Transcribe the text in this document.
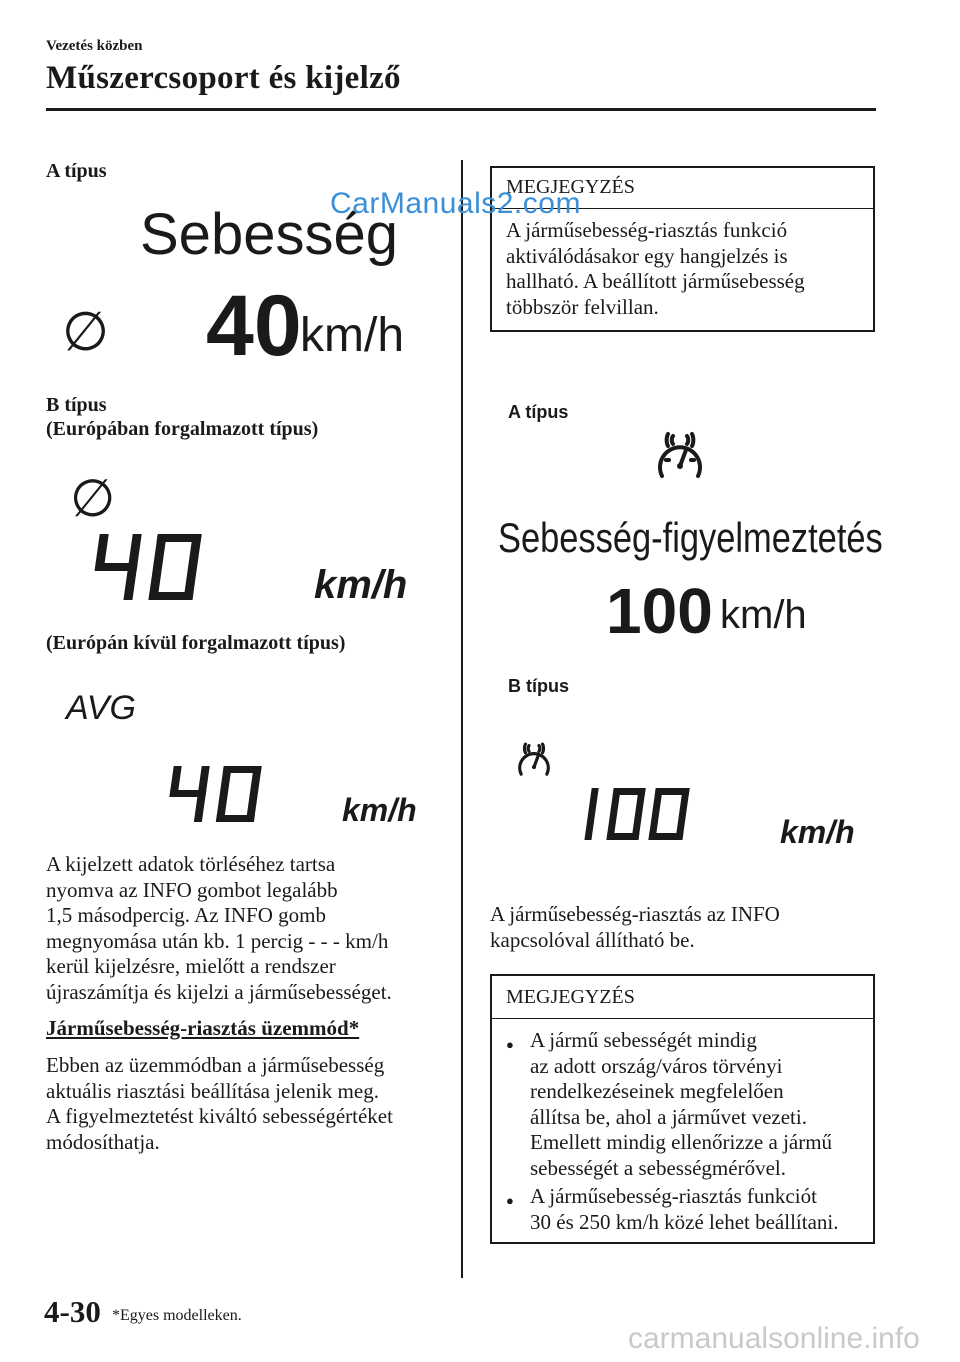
Vezetés közben
Műszercsoport és kijelző
A típus
Sebesség
∅ 40
km/h
B típus
(Európában forgalmazott típus)
∅
km/h
(Európán kívül forgalmazott típus)
AVG
km/h
A kijelzett adatok törléséhez tartsa
nyomva az INFO gombot legalább
1,5 másodpercig. Az INFO gomb
megnyomása után kb. 1 percig - - - km/h
kerül kijelzésre, mielőtt a rendszer
újraszámítja és kijelzi a járműsebességet.
Járműsebesség-riasztás üzemmód*
Ebben az üzemmódban a járműsebesség
aktuális riasztási beállítása jelenik meg.
A figyelmeztetést kiváltó sebességértéket
módosíthatja.
MEGJEGYZÉS
A járműsebesség-riasztás funkció
aktiválódásakor egy hangjelzés is
hallható. A beállított járműsebesség
többször felvillan.
A típus
Sebesség-figyelmeztetés
100 km/h
B típus
km/h
A járműsebesség-riasztás az INFO
kapcsolóval állítható be.
MEGJEGYZÉS
● A jármű sebességét mindig
az adott ország/város törvényi
rendelkezéseinek megfelelően
állítsa be, ahol a járművet vezeti.
Emellett mindig ellenőrizze a jármű
sebességét a sebességmérővel.
● A járműsebesség-riasztás funkciót
30 és 250 km/h közé lehet beállítani.
4-30 *Egyes modelleken.
CarManuals2.com
carmanualsonline.info
